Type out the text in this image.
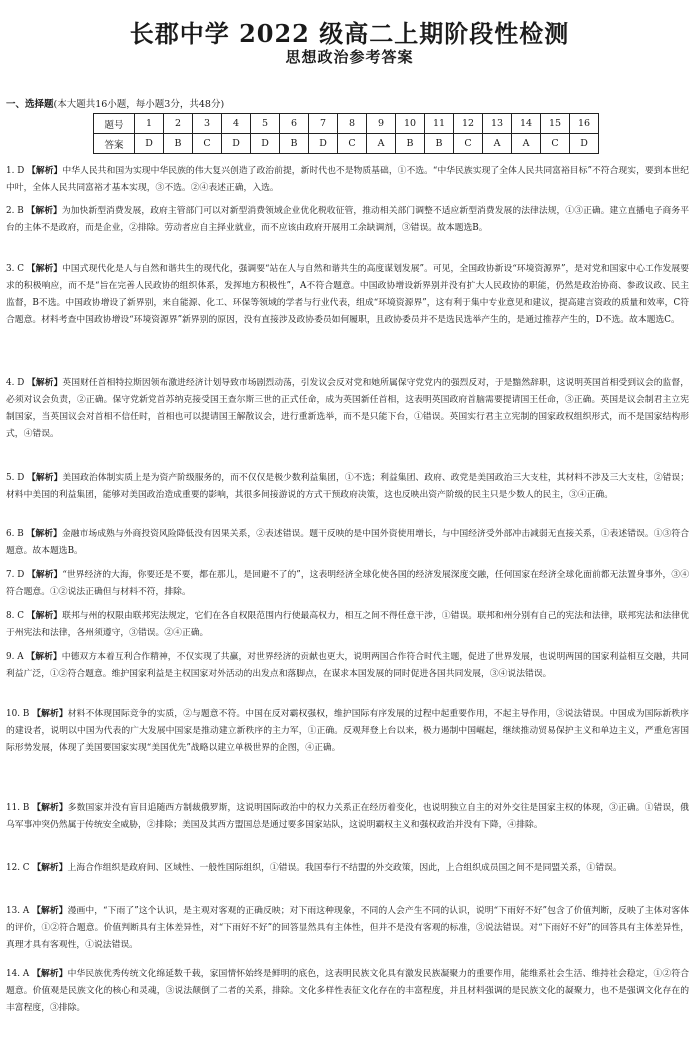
长郡中学 2022 级高二上期阶段性检测
思想政治参考答案
一、选择题(本大题共16小题，每小题3分，共48分)
题号	1	2	3	4	5	6	7	8	9	10	11	12	13	14	15	16
答案	D	B	C	D	D	B	D	C	A	B	B	C	A	A	C	D
1. D 【解析】中华人民共和国为实现中华民族的伟大复兴创造了政治前提，新时代也不是物质基础，①不选。“中华民族实现了全体人民共同富裕目标”不符合现实，要到本世纪中叶，全体人民共同富裕才基本实现，③不选。②④表述正确，入选。
2. B 【解析】为加快新型消费发展，政府主管部门可以对新型消费领域企业优化税收征管，推动相关部门调整不适应新型消费发展的法律法规，①③正确。建立直播电子商务平台的主体不是政府，而是企业，②排除。劳动者应自主择业就业，而不应该由政府开展用工余缺调剂，③错误。故本题选B。
3. C 【解析】中国式现代化是人与自然和谐共生的现代化，强调要“站在人与自然和谐共生的高度谋划发展”。可见，全国政协新设“环境资源界”，是对党和国家中心工作发展要求的积极响应，而不是“旨在完善人民政协的组织体系，发挥地方积极性”，A不符合题意。中国政协增设新界别并没有扩大人民政协的职能，仍然是政治协商、参政议政、民主监督，B不选。中国政协增设了新界别，来自能源、化工、环保等领域的学者与行业代表，组成“环境资源界”，这有利于集中专业意见和建议，提高建言资政的质量和效率，C符合题意。材料考查中国政协增设“环境资源界”新界别的原因，没有直接涉及政协委员如何履职，且政协委员并不是选民选举产生的，是通过推荐产生的，D不选。故本题选C。
4. D 【解析】英国财任首相特拉斯因领布激进经济计划导致市场剧烈动荡，引发议会反对党和她所属保守党党内的强烈反对，于是黯然辞职，这说明英国首相受到议会的监督，必须对议会负责，②正确。保守党新党首苏纳克接受国王查尔斯三世的正式任命，成为英国新任首相，这表明英国政府首脑需要提请国王任命，③正确。英国是议会制君主立宪制国家，当英国议会对首相不信任时，首相也可以提请国王解散议会，进行重新选举，而不是只能下台，①错误。英国实行君主立宪制的国家政权组织形式，而不是国家结构形式，④错误。
5. D 【解析】美国政治体制实质上是为资产阶级服务的，而不仅仅是极少数利益集团，①不选；利益集团、政府、政党是美国政治三大支柱，其材料不涉及三大支柱，②错误；材料中美国的利益集团，能够对美国政治造成重要的影响，其很多间接游说的方式干预政府决策，这也反映出资产阶级的民主只是少数人的民主，③④正确。
6. B 【解析】金融市场成熟与外商投资风险降低没有因果关系，②表述错误。题干反映的是中国外资使用增长，与中国经济受外部冲击减弱无直接关系，①表述错误。①③符合题意。故本题选B。
7. D 【解析】“世界经济的大海，你要还是不要，都在那儿，是回避不了的”，这表明经济全球化使各国的经济发展深度交融，任何国家在经济全球化面前都无法置身事外，③④符合题意。①②说法正确但与材料不符，排除。
8. C 【解析】联邦与州的权限由联邦宪法规定，它们在各自权限范围内行使最高权力，相互之间不得任意干涉，①错误。联邦和州分别有自己的宪法和法律，联邦宪法和法律优于州宪法和法律，各州须遵守，③错误。②④正确。
9. A 【解析】中德双方本着互利合作精神，不仅实现了共赢，对世界经济的贡献也更大，说明两国合作符合时代主题，促进了世界发展，也说明两国的国家利益相互交融，共同利益广泛，①②符合题意。维护国家利益是主权国家对外活动的出发点和落脚点，在谋求本国发展的同时促进各国共同发展，③④说法错误。
10. B 【解析】材料不体现国际竞争的实质，②与题意不符。中国在反对霸权强权，维护国际有序发展的过程中起重要作用，不起主导作用，③说法错误。中国成为国际新秩序的建设者，说明以中国为代表的广大发展中国家是推动建立新秩序的主力军，①正确。反观拜登上台以来，极力遏制中国崛起，继续推动贸易保护主义和单边主义，严重危害国际形势发展，体现了美国要国家实现“美国优先”战略以建立单极世界的企图，④正确。
11. B 【解析】多数国家并没有盲目追随西方制裁俄罗斯，这说明国际政治中的权力关系正在经历着变化，也说明独立自主的对外交往是国家主权的体现，③正确。①错误，俄乌军事冲突仍然属于传统安全威胁，②排除；美国及其西方盟国总是通过要多国家站队，这说明霸权主义和强权政治并没有下降，④排除。
12. C 【解析】上海合作组织是政府间、区域性、一般性国际组织，①错误。我国奉行不结盟的外交政策，因此，上合组织成员国之间不是同盟关系，①错误。
13. A 【解析】漫画中，“下雨了”这个认识，是主观对客观的正确反映；对下雨这种现象，不同的人会产生不同的认识，说明“下雨好不好”包含了价值判断，反映了主体对客体的评价，①②符合题意。价值判断具有主体差异性，对“下雨好不好”的回答显然具有主体性，但并不是没有客观的标准，③说法错误。对“下雨好不好”的回答具有主体差异性，真理才具有客观性，①说法错误。
14. A 【解析】中华民族优秀传统文化绵延数千载，家国情怀始终是鲜明的底色，这表明民族文化具有激发民族凝聚力的重要作用，能维系社会生活、维持社会稳定，①②符合题意。价值观是民族文化的核心和灵魂，③说法颠倒了二者的关系，排除。文化多样性表征文化存在的丰富程度，并且材料强调的是民族文化的凝聚力，也不是强调文化存在的丰富程度，③排除。
